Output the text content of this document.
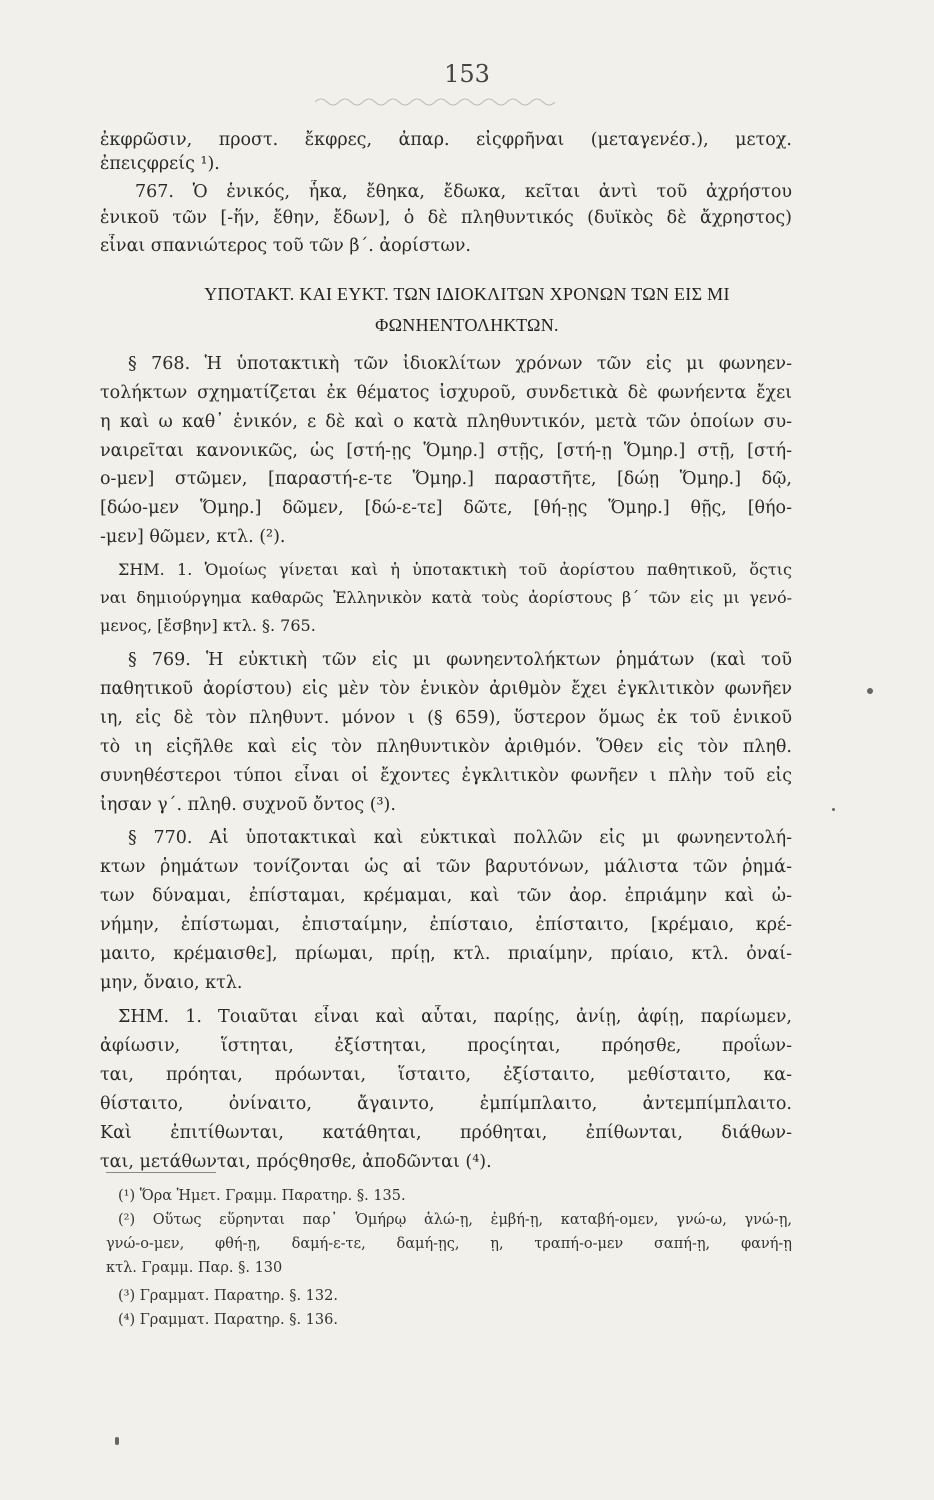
153
ἐκφρῶσιν, προστ. ἔκφρες, ἀπαρ. εἰςφρῆναι (μεταγενέσ.), μετοχ.
ἐπειςφρείς ¹).
767. Ὁ ἑνικός, ἧκα, ἔθηκα, ἔδωκα, κεῖται ἀντὶ τοῦ ἀχρήστου
ἑνικοῦ τῶν [-ἥν, ἔθην, ἔδων], ὁ δὲ πληθυντικός (δυϊκὸς δὲ ἄχρηστος)
εἶναι σπανιώτερος τοῦ τῶν β΄. ἀορίστων.
ΥΠΟΤΑΚΤ. ΚΑΙ ΕΥΚΤ. ΤΩΝ ΙΔΙΟΚΛΙΤΩΝ ΧΡΟΝΩΝ ΤΩΝ ΕΙΣ ΜΙ
ΦΩΝΗΕΝΤΟΛΗΚΤΩΝ.
§ 768. Ἡ ὑποτακτικὴ τῶν ἰδιοκλίτων χρόνων τῶν εἰς μι φωνηεν-
τολήκτων σχηματίζεται ἐκ θέματος ἰσχυροῦ, συνδετικὰ δὲ φωνήεντα ἔχει
η καὶ ω καθ᾽ ἑνικόν, ε δὲ καὶ ο κατὰ πληθυντικόν, μετὰ τῶν ὁποίων συ-
ναιρεῖται κανονικῶς, ὡς [στή-ῃς Ὅμηρ.] στῇς, [στή-ῃ Ὅμηρ.] στῇ, [στή-
ο-μεν] στῶμεν, [παραστή-ε-τε Ὅμηρ.] παραστῆτε, [δώῃ Ὅμηρ.] δῷ,
[δώο-μεν Ὅμηρ.] δῶμεν, [δώ-ε-τε] δῶτε, [θή-ῃς Ὅμηρ.] θῇς, [θήο-
-μεν] θῶμεν, κτλ. (²).
ΣΗΜ. 1. Ὁμοίως γίνεται καὶ ἡ ὑποτακτικὴ τοῦ ἀορίστου παθητικοῦ, ὅςτις
ναι δημιούργημα καθαρῶς Ἑλληνικὸν κατὰ τοὺς ἀορίστους β΄ τῶν εἰς μι γενό-
μενος, [ἔσβην] κτλ. §. 765.
§ 769. Ἡ εὐκτικὴ τῶν εἰς μι φωνηεντολήκτων ῥημάτων (καὶ τοῦ
παθητικοῦ ἀορίστου) εἰς μὲν τὸν ἑνικὸν ἀριθμὸν ἔχει ἐγκλιτικὸν φωνῆεν
ιη, εἰς δὲ τὸν πληθυντ. μόνον ι (§ 659), ὕστερον ὅμως ἐκ τοῦ ἑνικοῦ
τὸ ιη εἰςῆλθε καὶ εἰς τὸν πληθυντικὸν ἀριθμόν. Ὅθεν εἰς τὸν πληθ.
συνηθέστεροι τύποι εἶναι οἱ ἔχοντες ἐγκλιτικὸν φωνῆεν ι πλὴν τοῦ εἰς
ἰησαν γ΄. πληθ. συχνοῦ ὄντος (³).
§ 770. Αἱ ὑποτακτικαὶ καὶ εὐκτικαὶ πολλῶν εἰς μι φωνηεντολή-
κτων ῥημάτων τονίζονται ὡς αἱ τῶν βαρυτόνων, μάλιστα τῶν ῥημά-
των δύναμαι, ἐπίσταμαι, κρέμαμαι, καὶ τῶν ἀορ. ἐπριάμην καὶ ὠ-
νήμην, ἐπίστωμαι, ἐπισταίμην, ἐπίσταιο, ἐπίσταιτο, [κρέμαιο, κρέ-
μαιτο, κρέμαισθε], πρίωμαι, πρίῃ, κτλ. πριαίμην, πρίαιο, κτλ. ὀναί-
μην, ὄναιο, κτλ.
ΣΗΜ. 1. Τοιαῦται εἶναι καὶ αὗται, παρίῃς, ἀνίῃ, ἀφίῃ, παρίωμεν,
ἀφίωσιν, ἵστηται, ἐξίστηται, προςίηται, πρόησθε, προΐων-
ται, πρόηται, πρόωνται, ἵσταιτο, ἐξίσταιτο, μεθίσταιτο, κα-
θίσταιτο, ὀνίναιτο, ἄγαιντο, ἐμπίμπλαιτο, ἀντεμπίμπλαιτο.
Καὶ ἐπιτίθωνται, κατάθηται, πρόθηται, ἐπίθωνται, διάθων-
ται, μετάθωνται, πρόςθησθε, ἀποδῶνται (⁴).
(¹) Ὅρα Ἡμετ. Γραμμ. Παρατηρ. §. 135.
(²) Οὕτως εὕρηνται παρ᾽ Ὁμήρῳ ἁλώ-ῃ, ἐμβή-ῃ, καταβή-ομεν, γνώ-ω, γνώ-ῃ,
γνώ-ο-μεν, φθή-ῃ, δαμή-ε-τε, δαμή-ῃς, ῃ, τραπή-ο-μεν σαπή-ῃ, φανή-ῃ
κτλ. Γραμμ. Παρ. §. 130
(³) Γραμματ. Παρατηρ. §. 132.
(⁴) Γραμματ. Παρατηρ. §. 136.
